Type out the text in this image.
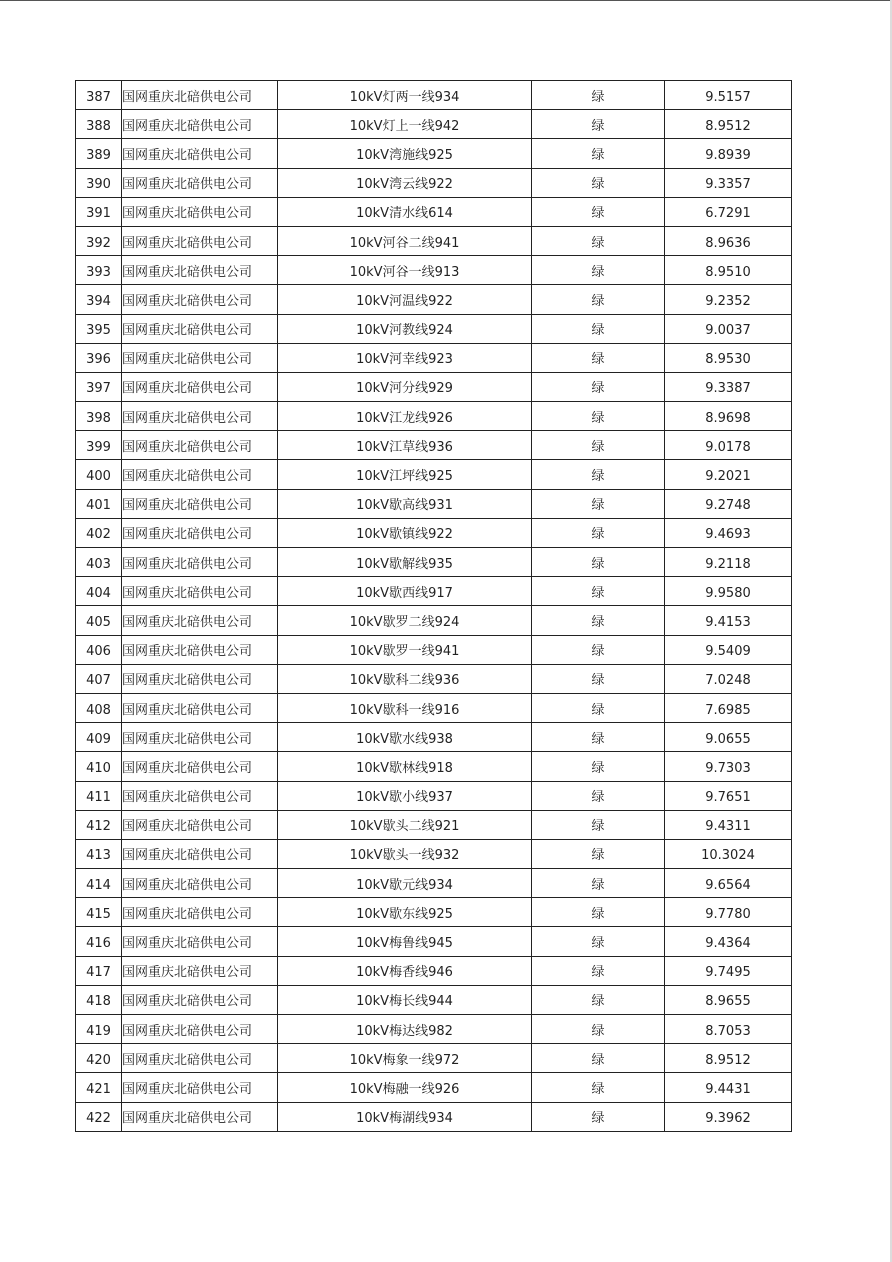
387	国网重庆北碚供电公司	10kV灯两一线934	绿	9.5157
388	国网重庆北碚供电公司	10kV灯上一线942	绿	8.9512
389	国网重庆北碚供电公司	10kV湾施线925	绿	9.8939
390	国网重庆北碚供电公司	10kV湾云线922	绿	9.3357
391	国网重庆北碚供电公司	10kV清水线614	绿	6.7291
392	国网重庆北碚供电公司	10kV河谷二线941	绿	8.9636
393	国网重庆北碚供电公司	10kV河谷一线913	绿	8.9510
394	国网重庆北碚供电公司	10kV河温线922	绿	9.2352
395	国网重庆北碚供电公司	10kV河教线924	绿	9.0037
396	国网重庆北碚供电公司	10kV河幸线923	绿	8.9530
397	国网重庆北碚供电公司	10kV河分线929	绿	9.3387
398	国网重庆北碚供电公司	10kV江龙线926	绿	8.9698
399	国网重庆北碚供电公司	10kV江草线936	绿	9.0178
400	国网重庆北碚供电公司	10kV江坪线925	绿	9.2021
401	国网重庆北碚供电公司	10kV歇高线931	绿	9.2748
402	国网重庆北碚供电公司	10kV歇镇线922	绿	9.4693
403	国网重庆北碚供电公司	10kV歇解线935	绿	9.2118
404	国网重庆北碚供电公司	10kV歇西线917	绿	9.9580
405	国网重庆北碚供电公司	10kV歇罗二线924	绿	9.4153
406	国网重庆北碚供电公司	10kV歇罗一线941	绿	9.5409
407	国网重庆北碚供电公司	10kV歇科二线936	绿	7.0248
408	国网重庆北碚供电公司	10kV歇科一线916	绿	7.6985
409	国网重庆北碚供电公司	10kV歇水线938	绿	9.0655
410	国网重庆北碚供电公司	10kV歇林线918	绿	9.7303
411	国网重庆北碚供电公司	10kV歇小线937	绿	9.7651
412	国网重庆北碚供电公司	10kV歇头二线921	绿	9.4311
413	国网重庆北碚供电公司	10kV歇头一线932	绿	10.3024
414	国网重庆北碚供电公司	10kV歇元线934	绿	9.6564
415	国网重庆北碚供电公司	10kV歇东线925	绿	9.7780
416	国网重庆北碚供电公司	10kV梅鲁线945	绿	9.4364
417	国网重庆北碚供电公司	10kV梅香线946	绿	9.7495
418	国网重庆北碚供电公司	10kV梅长线944	绿	8.9655
419	国网重庆北碚供电公司	10kV梅达线982	绿	8.7053
420	国网重庆北碚供电公司	10kV梅象一线972	绿	8.9512
421	国网重庆北碚供电公司	10kV梅融一线926	绿	9.4431
422	国网重庆北碚供电公司	10kV梅湖线934	绿	9.3962
